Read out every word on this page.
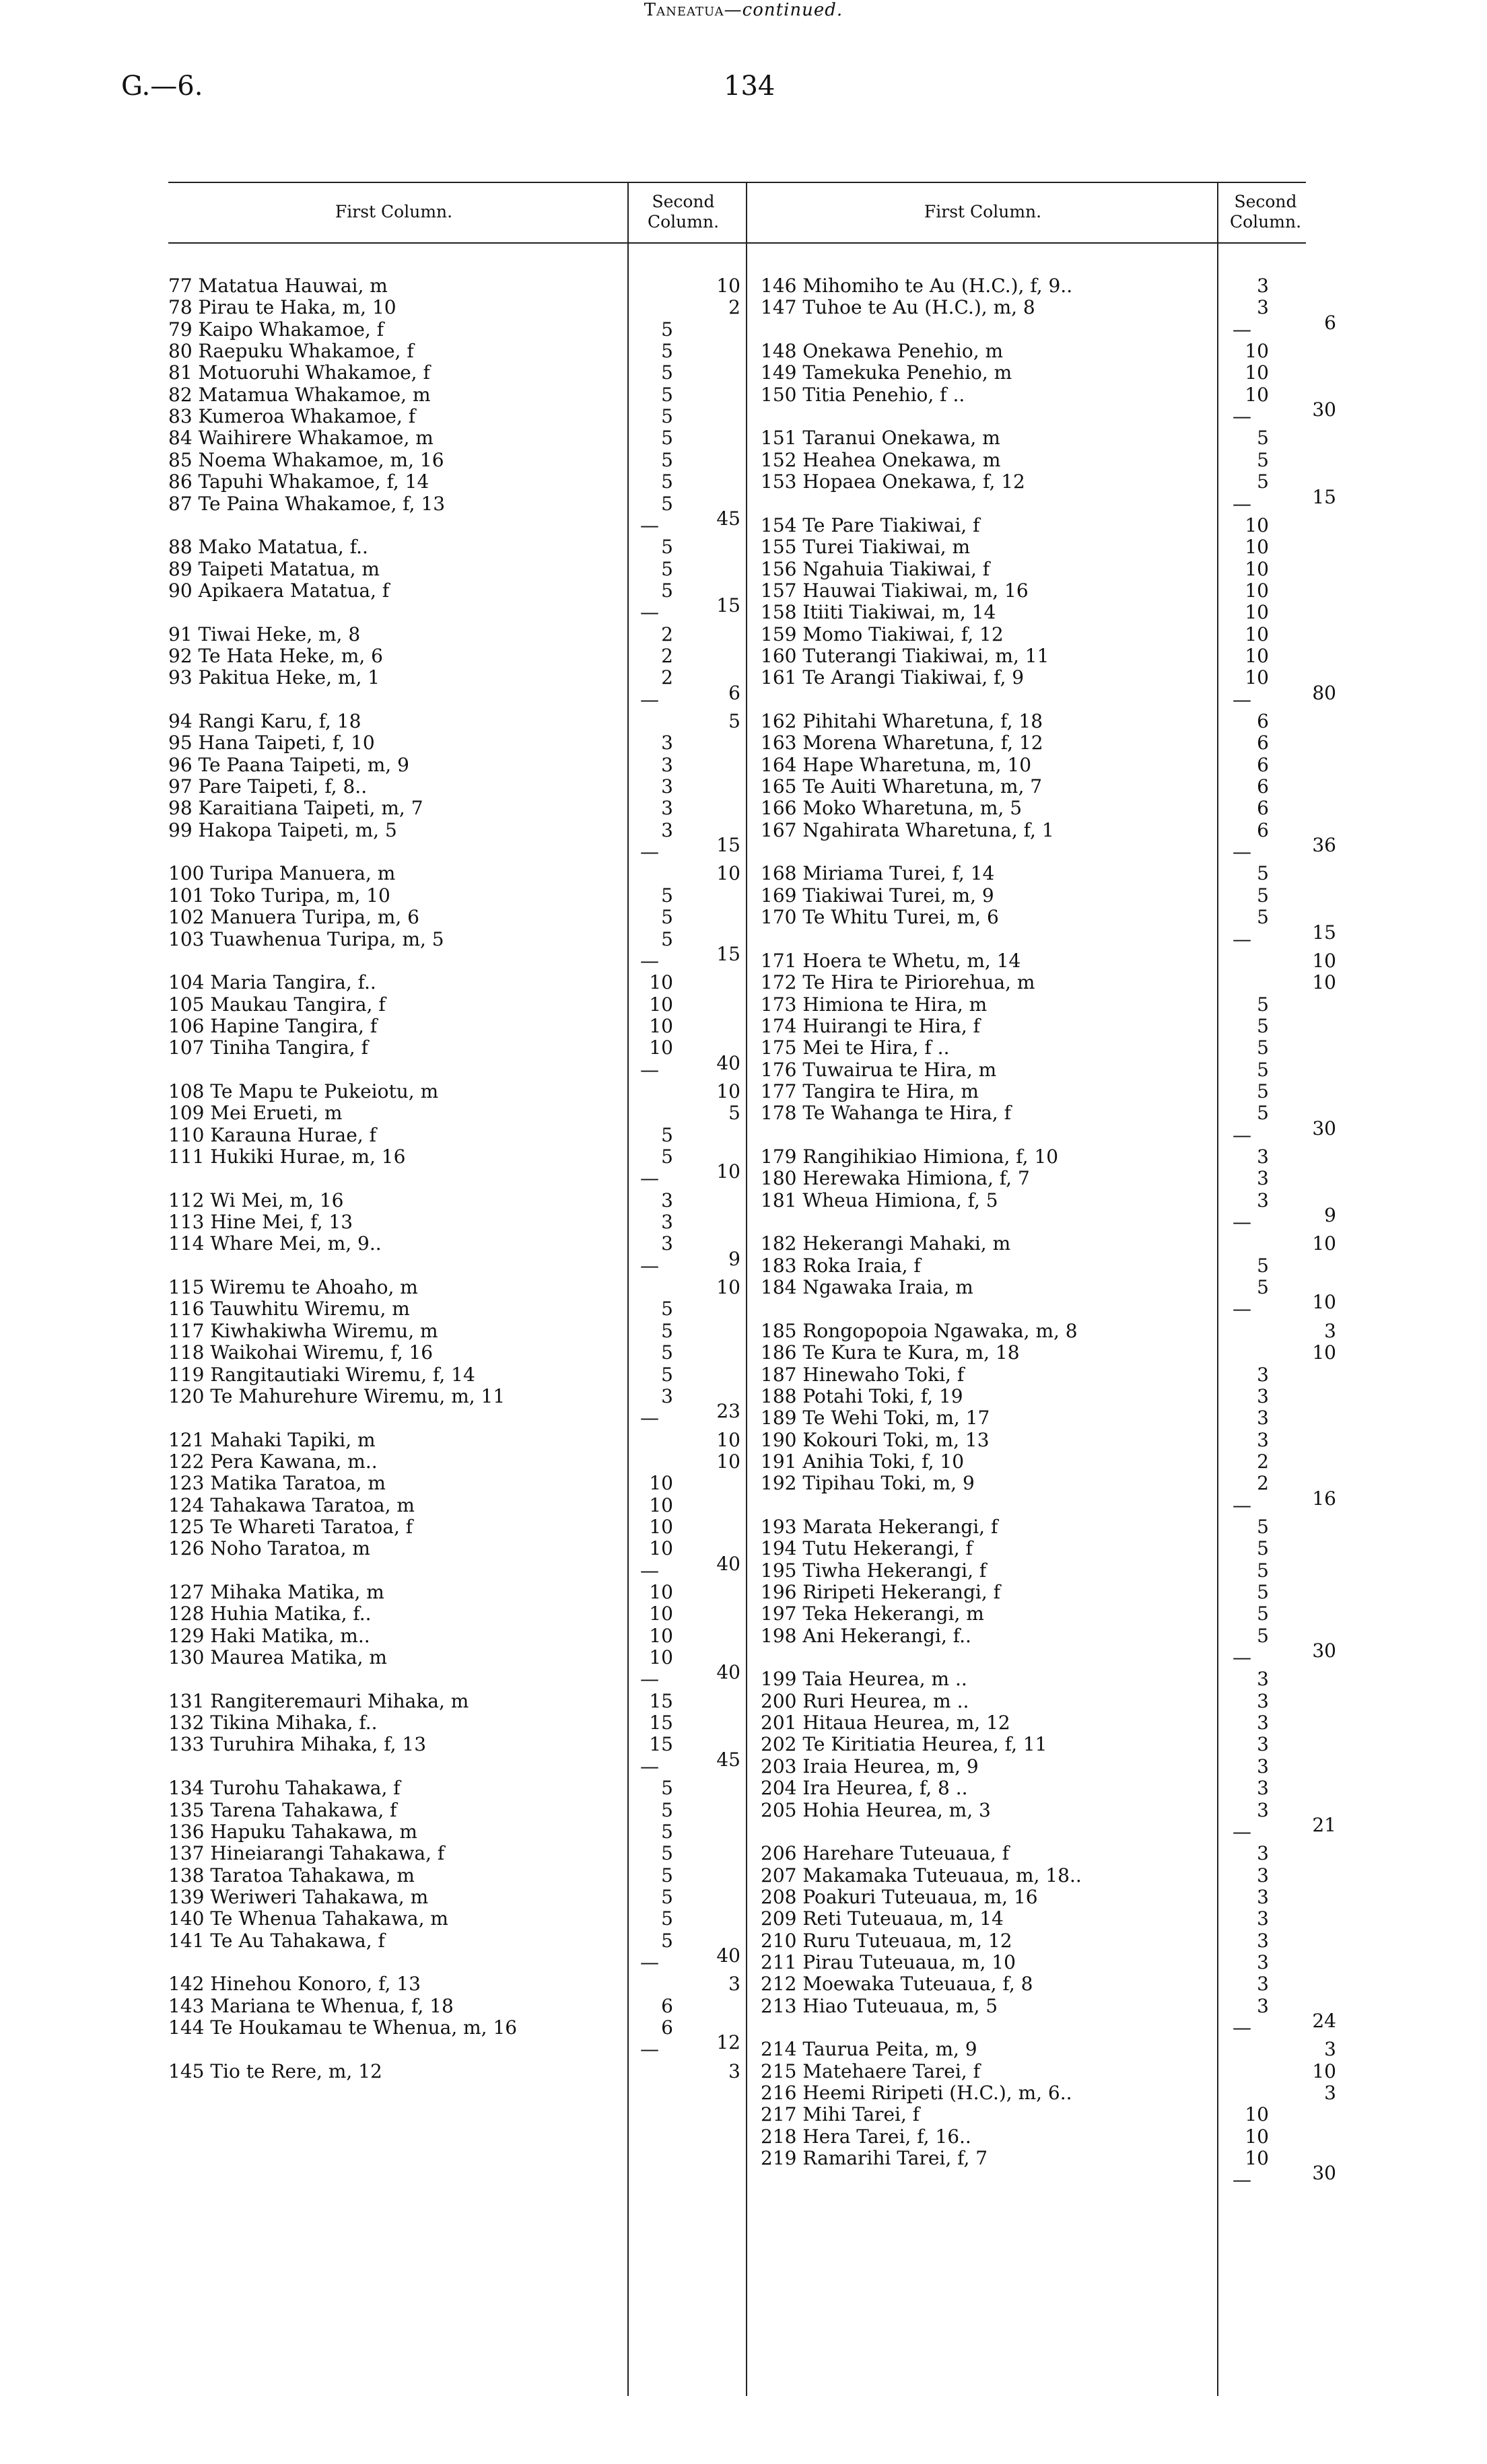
G.—6.	134
Taneatua—continued.
First Column.
Second
Column.
First Column.
Second
Column.
77 Matatua Hauwai, m	10
78 Pirau te Haka, m, 10	2
79 Kaipo Whakamoe, f	5
80 Raepuku Whakamoe, f	5
81 Motuoruhi Whakamoe, f	5
82 Matamua Whakamoe, m	5
83 Kumeroa Whakamoe, f	5
84 Waihirere Whakamoe, m	5
85 Noema Whakamoe, m, 16	5
86 Tapuhi Whakamoe, f, 14	5
87 Te Paina Whakamoe, f, 13	5
—	45
88 Mako Matatua, f..	5
89 Taipeti Matatua, m	5
90 Apikaera Matatua, f	5
—	15
91 Tiwai Heke, m, 8	2
92 Te Hata Heke, m, 6	2
93 Pakitua Heke, m, 1	2
—	6
94 Rangi Karu, f, 18	5
95 Hana Taipeti, f, 10	3
96 Te Paana Taipeti, m, 9	3
97 Pare Taipeti, f, 8..	3
98 Karaitiana Taipeti, m, 7	3
99 Hakopa Taipeti, m, 5	3
—	15
100 Turipa Manuera, m	10
101 Toko Turipa, m, 10	5
102 Manuera Turipa, m, 6	5
103 Tuawhenua Turipa, m, 5	5
—	15
104 Maria Tangira, f..	10
105 Maukau Tangira, f	10
106 Hapine Tangira, f	10
107 Tiniha Tangira, f	10
—	40
108 Te Mapu te Pukeiotu, m	10
109 Mei Erueti, m	5
110 Karauna Hurae, f	5
111 Hukiki Hurae, m, 16	5
—	10
112 Wi Mei, m, 16	3
113 Hine Mei, f, 13	3
114 Whare Mei, m, 9..	3
—	9
115 Wiremu te Ahoaho, m	10
116 Tauwhitu Wiremu, m	5
117 Kiwhakiwha Wiremu, m	5
118 Waikohai Wiremu, f, 16	5
119 Rangitautiaki Wiremu, f, 14	5
120 Te Mahurehure Wiremu, m, 11	3
—	23
121 Mahaki Tapiki, m	10
122 Pera Kawana, m..	10
123 Matika Taratoa, m	10
124 Tahakawa Taratoa, m	10
125 Te Whareti Taratoa, f	10
126 Noho Taratoa, m	10
—	40
127 Mihaka Matika, m	10
128 Huhia Matika, f..	10
129 Haki Matika, m..	10
130 Maurea Matika, m	10
—	40
131 Rangiteremauri Mihaka, m	15
132 Tikina Mihaka, f..	15
133 Turuhira Mihaka, f, 13	15
—	45
134 Turohu Tahakawa, f	5
135 Tarena Tahakawa, f	5
136 Hapuku Tahakawa, m	5
137 Hineiarangi Tahakawa, f	5
138 Taratoa Tahakawa, m	5
139 Weriweri Tahakawa, m	5
140 Te Whenua Tahakawa, m	5
141 Te Au Tahakawa, f	5
—	40
142 Hinehou Konoro, f, 13	3
143 Mariana te Whenua, f, 18	6
144 Te Houkamau te Whenua, m, 16	6
—	12
145 Tio te Rere, m, 12	3
146 Mihomiho te Au (H.C.), f, 9..	3
147 Tuhoe te Au (H.C.), m, 8	3
—	6
148 Onekawa Penehio, m	10
149 Tamekuka Penehio, m	10
150 Titia Penehio, f ..	10
—	30
151 Taranui Onekawa, m	5
152 Heahea Onekawa, m	5
153 Hopaea Onekawa, f, 12	5
—	15
154 Te Pare Tiakiwai, f	10
155 Turei Tiakiwai, m	10
156 Ngahuia Tiakiwai, f	10
157 Hauwai Tiakiwai, m, 16	10
158 Itiiti Tiakiwai, m, 14	10
159 Momo Tiakiwai, f, 12	10
160 Tuterangi Tiakiwai, m, 11	10
161 Te Arangi Tiakiwai, f, 9	10
—	80
162 Pihitahi Wharetuna, f, 18	6
163 Morena Wharetuna, f, 12	6
164 Hape Wharetuna, m, 10	6
165 Te Auiti Wharetuna, m, 7	6
166 Moko Wharetuna, m, 5	6
167 Ngahirata Wharetuna, f, 1	6
—	36
168 Miriama Turei, f, 14	5
169 Tiakiwai Turei, m, 9	5
170 Te Whitu Turei, m, 6	5
—	15
171 Hoera te Whetu, m, 14	10
172 Te Hira te Piriorehua, m	10
173 Himiona te Hira, m	5
174 Huirangi te Hira, f	5
175 Mei te Hira, f ..	5
176 Tuwairua te Hira, m	5
177 Tangira te Hira, m	5
178 Te Wahanga te Hira, f	5
—	30
179 Rangihikiao Himiona, f, 10	3
180 Herewaka Himiona, f, 7	3
181 Wheua Himiona, f, 5	3
—	9
182 Hekerangi Mahaki, m	10
183 Roka Iraia, f	5
184 Ngawaka Iraia, m	5
—	10
185 Rongopopoia Ngawaka, m, 8	3
186 Te Kura te Kura, m, 18	10
187 Hinewaho Toki, f	3
188 Potahi Toki, f, 19	3
189 Te Wehi Toki, m, 17	3
190 Kokouri Toki, m, 13	3
191 Anihia Toki, f, 10	2
192 Tipihau Toki, m, 9	2
—	16
193 Marata Hekerangi, f	5
194 Tutu Hekerangi, f	5
195 Tiwha Hekerangi, f	5
196 Riripeti Hekerangi, f	5
197 Teka Hekerangi, m	5
198 Ani Hekerangi, f..	5
—	30
199 Taia Heurea, m ..	3
200 Ruri Heurea, m ..	3
201 Hitaua Heurea, m, 12	3
202 Te Kiritiatia Heurea, f, 11	3
203 Iraia Heurea, m, 9	3
204 Ira Heurea, f, 8 ..	3
205 Hohia Heurea, m, 3	3
—	21
206 Harehare Tuteuaua, f	3
207 Makamaka Tuteuaua, m, 18..	3
208 Poakuri Tuteuaua, m, 16	3
209 Reti Tuteuaua, m, 14	3
210 Ruru Tuteuaua, m, 12	3
211 Pirau Tuteuaua, m, 10	3
212 Moewaka Tuteuaua, f, 8	3
213 Hiao Tuteuaua, m, 5	3
—	24
214 Taurua Peita, m, 9	3
215 Matehaere Tarei, f	10
216 Heemi Riripeti (H.C.), m, 6..	3
217 Mihi Tarei, f	10
218 Hera Tarei, f, 16..	10
219 Ramarihi Tarei, f, 7	10
—	30
